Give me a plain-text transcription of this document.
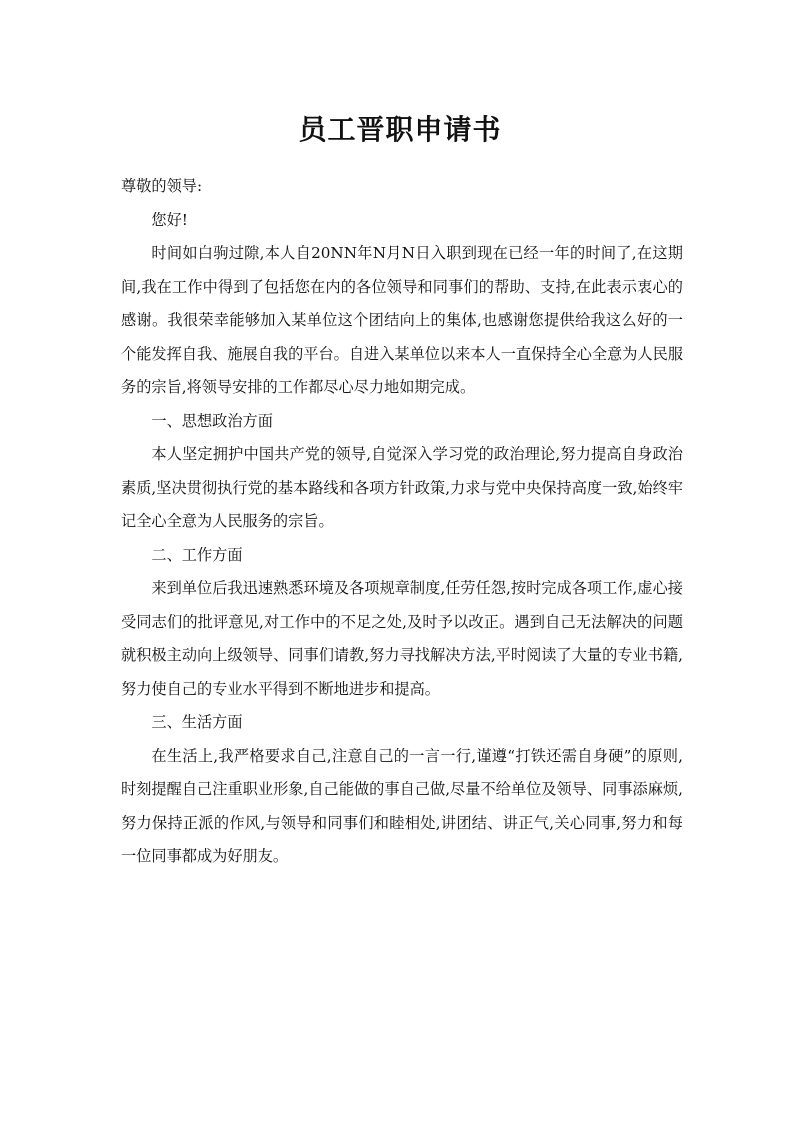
员工晋职申请书

尊敬的领导:

您好!

时间如白驹过隙,本人自20NN年N月N日入职到现在已经一年的时间了,在这期间,我在工作中得到了包括您在内的各位领导和同事们的帮助、支持,在此表示衷心的感谢。我很荣幸能够加入某单位这个团结向上的集体,也感谢您提供给我这么好的一个能发挥自我、施展自我的平台。自进入某单位以来本人一直保持全心全意为人民服务的宗旨,将领导安排的工作都尽心尽力地如期完成。

一、思想政治方面

本人坚定拥护中国共产党的领导,自觉深入学习党的政治理论,努力提高自身政治素质,坚决贯彻执行党的基本路线和各项方针政策,力求与党中央保持高度一致,始终牢记全心全意为人民服务的宗旨。

二、工作方面

来到单位后我迅速熟悉环境及各项规章制度,任劳任怨,按时完成各项工作,虚心接受同志们的批评意见,对工作中的不足之处,及时予以改正。遇到自己无法解决的问题就积极主动向上级领导、同事们请教,努力寻找解决方法,平时阅读了大量的专业书籍,努力使自己的专业水平得到不断地进步和提高。

三、生活方面

在生活上,我严格要求自己,注意自己的一言一行,谨遵“打铁还需自身硬”的原则,时刻提醒自己注重职业形象,自己能做的事自己做,尽量不给单位及领导、同事添麻烦,努力保持正派的作风,与领导和同事们和睦相处,讲团结、讲正气,关心同事,努力和每一位同事都成为好朋友。
